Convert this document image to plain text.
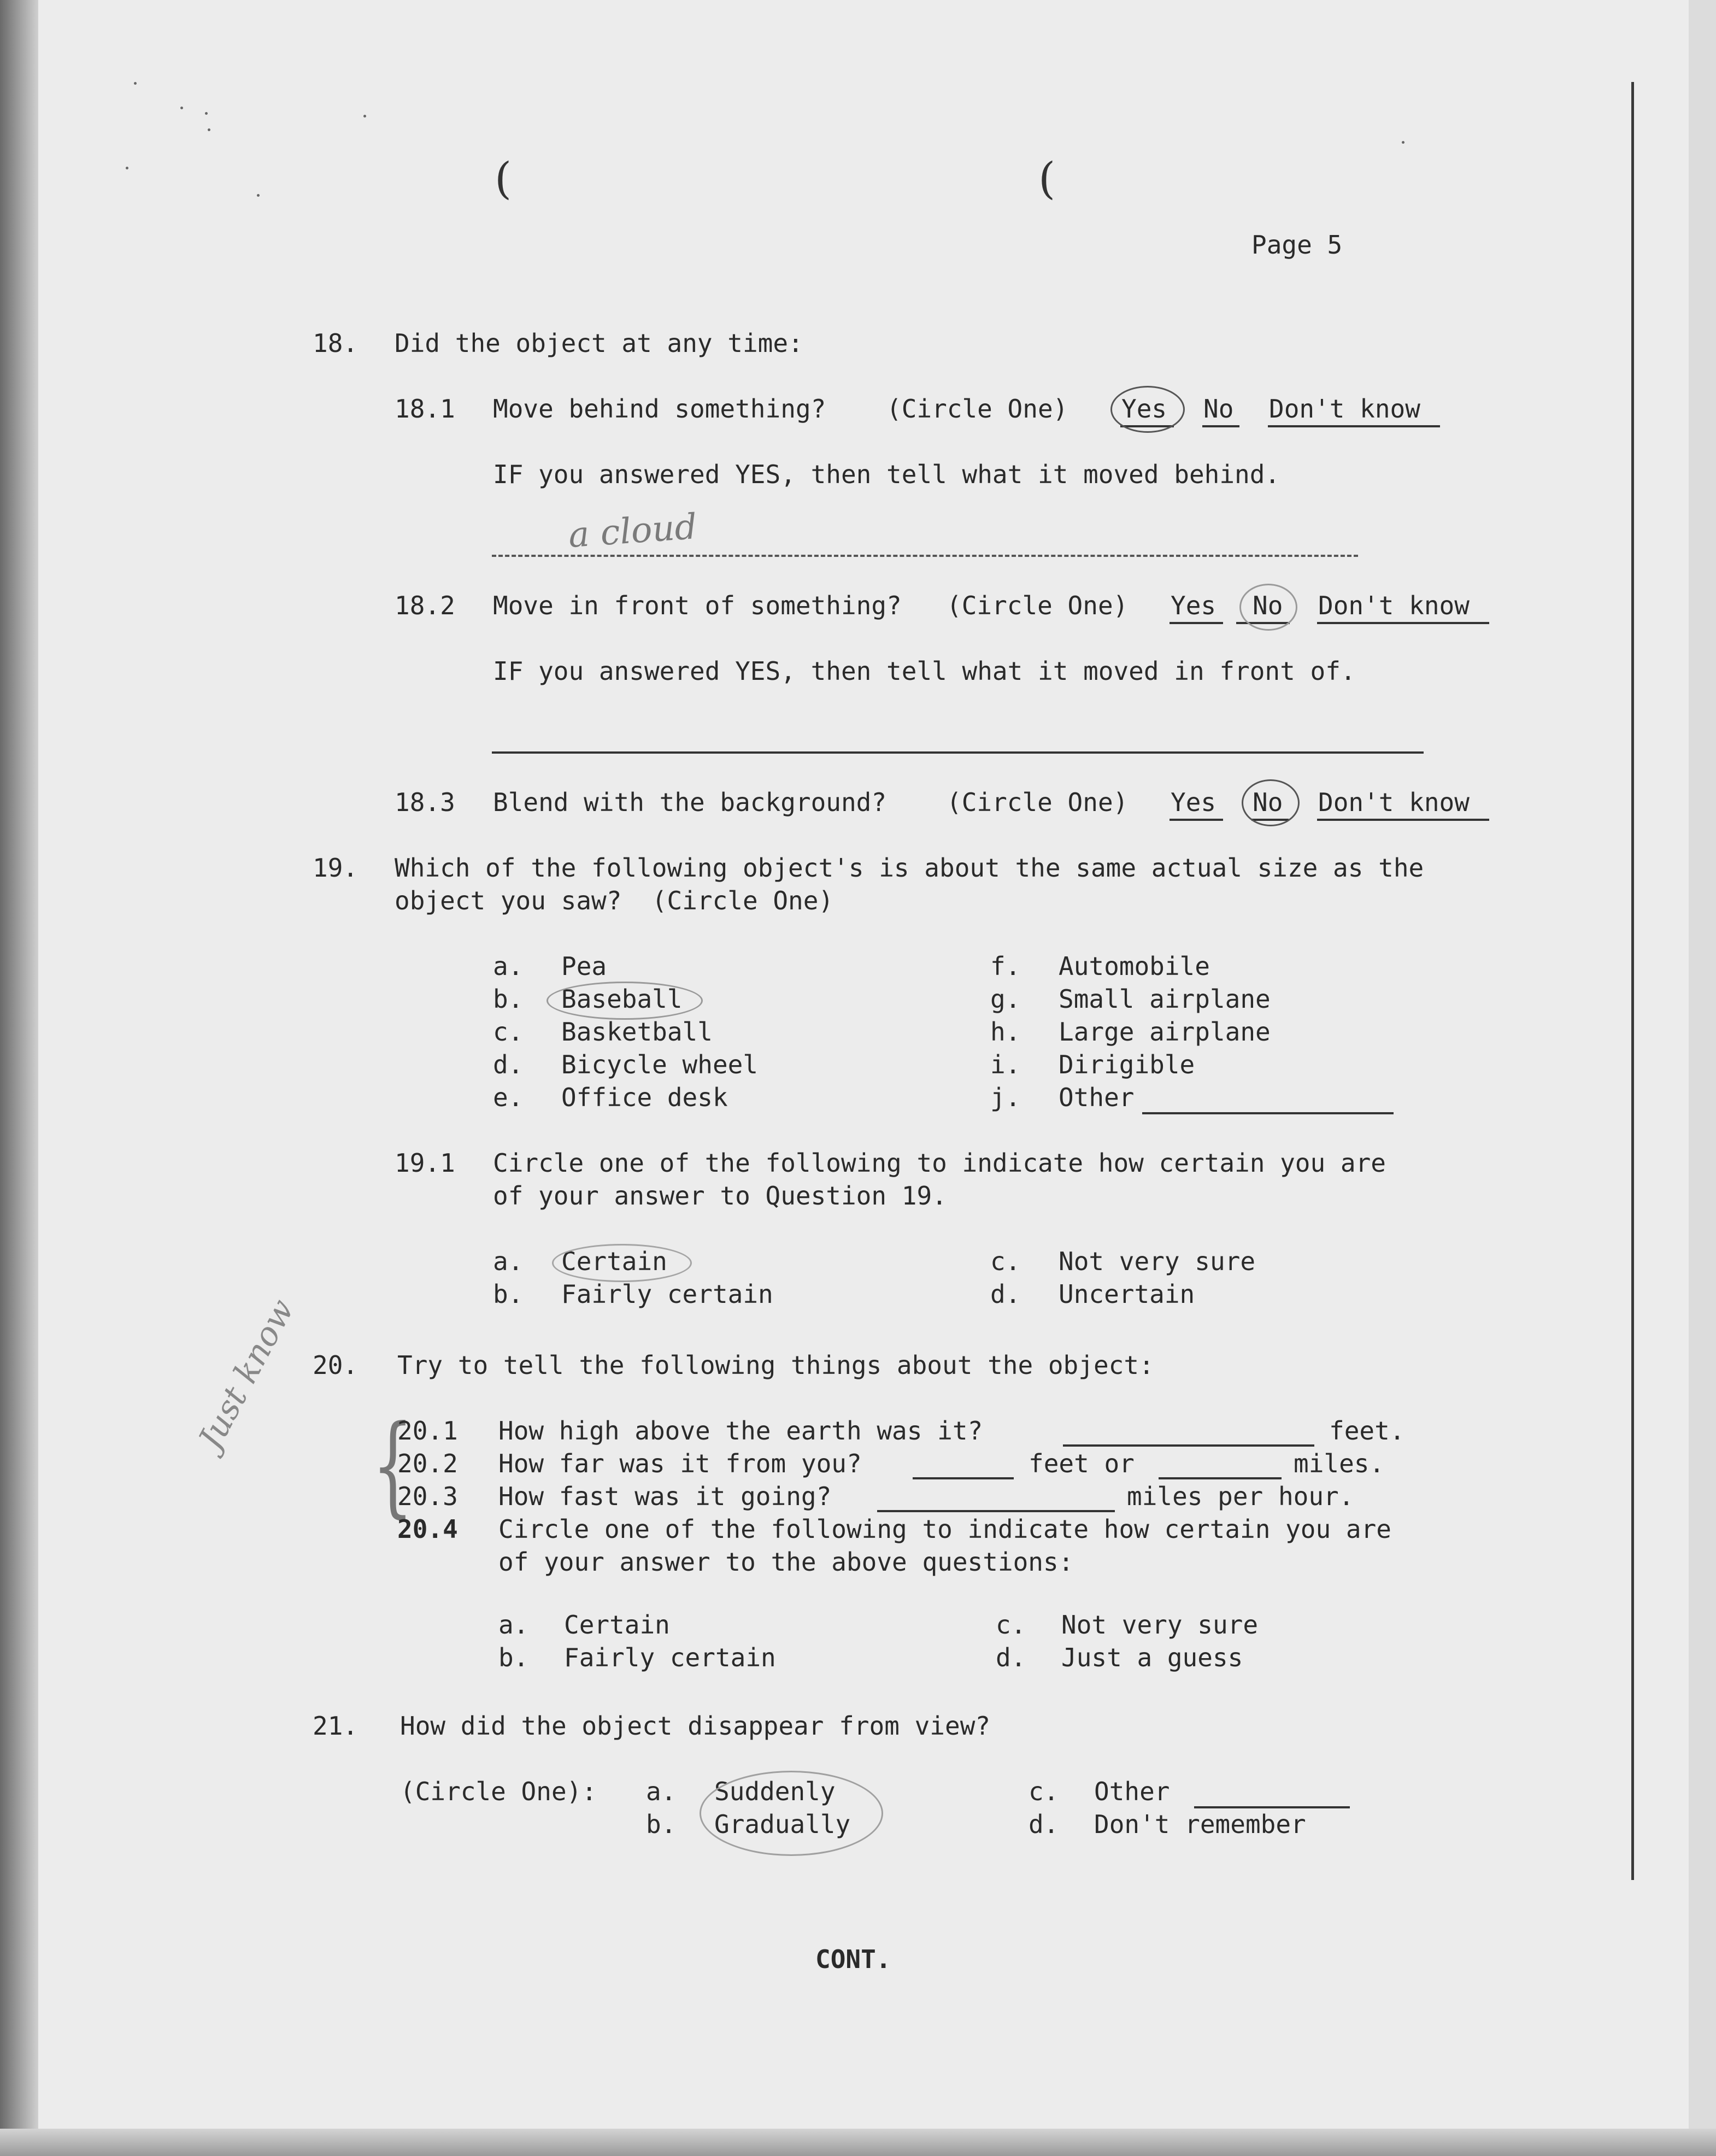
(	(
Page 5
18. Did the object at any time:
18.1 Move behind something? (Circle One) Yes No Don't know
IF you answered YES, then tell what it moved behind.
a cloud
18.2 Move in front of something? (Circle One) Yes No Don't know
IF you answered YES, then tell what it moved in front of.
18.3 Blend with the background? (Circle One) Yes No Don't know
19. Which of the following object's is about the same actual size as the
object you saw?  (Circle One)
a. Pea
b. Baseball
c. Basketball
d. Bicycle wheel
e. Office desk
f. Automobile
g. Small airplane
h. Large airplane
i. Dirigible
j. Other
19.1 Circle one of the following to indicate how certain you are
of your answer to Question 19.
a. Certain
b. Fairly certain
c. Not very sure
d. Uncertain
20. Try to tell the following things about the object:
Just know
{
20.1 How high above the earth was it?	feet.
20.2 How far was it from you?	feet or	miles.
20.3 How fast was it going?	miles per hour.
20.4 Circle one of the following to indicate how certain you are
of your answer to the above questions:
a. Certain
b. Fairly certain
c. Not very sure
d. Just a guess
21. How did the object disappear from view?
(Circle One): a. Suddenly
b. Gradually
c. Other
d. Don't remember
CONT.
